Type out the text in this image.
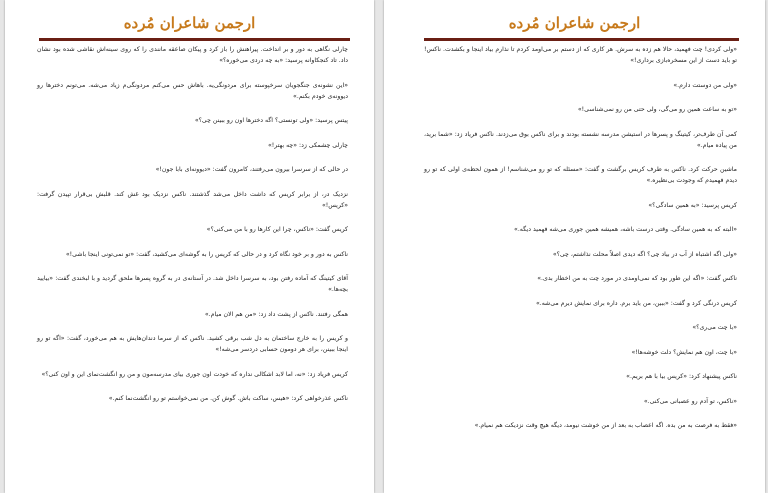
ارجمن شاعران مُرده

چارلی نگاهی به دور و بر انداخت. پیراهنش را باز کرد و پیکان صاعقه مانندی را که روی سینه‌اش نقاشی شده بود نشان داد. تاد کنجکاوانه پرسید: «به چه دردی می‌خوره؟»

«این نشونه‌ی جنگجویان سرخپوسته برای مردونگی‌یه. باهاش حس می‌کنم مردونگی‌م زیاد می‌شه. می‌تونم دخترها رو دیوونه‌ی خودم بکنم.»

پیتس پرسید: «ولی تونستی؟ اگه دختر‌ها اون رو ببینن چی؟»

چارلی چشمکی زد: «چه بهتر!»

در حالی که از سرسرا بیرون می‌رفتند، کامرون گفت: «دیوونه‌ای بابا جون!»

نزدیک در، از برابر کریس که داشت داخل می‌شد گذشتند. ناکس نزدیک بود غش کند. قلبش بی‌قرار تپیدن گرفت: «کریس!»

کریس گفت: «ناکس، چرا این کارها رو با من می‌کنی؟»

ناکس به دور و بر خود نگاه کرد و در حالی که کریس را به گوشه‌ای می‌کشید، گفت: «تو نمی‌تونی اینجا باشی!»

آقای کیتینگ که آماده رفتن بود، به سرسرا داخل شد. در آستانه‌ی در به گروه پسرها ملحق گردید و با لبخندی گفت: «بیایید بچه‌ها.»

همگی رفتند. ناکس از پشت داد زد: «من هم الان میام.»

و کریس را به خارج ساختمان به دل شب برقی کشید. ناکس که از سرما دندان‌هایش به هم می‌خورد، گفت: «اگه تو رو اینجا ببینن، برای هر دومون حسابی دردسر می‌شه!»

کریس فریاد زد: «نه، اما لابد اشکالی نداره که خودت اون جوری بیای مدرسه‌مون و من رو انگشت‌نمای این و اون کنی؟»

ناکس عذرخواهی کرد: «هیس، ساکت باش. گوش کن. من نمی‌خواستم تو رو انگشت‌نما کنم.»

ارجمن شاعران مُرده

«ولی کردی! چت فهمید، حالا هم زده به سرش. هر کاری که از دستم بر می‌اومد کردم تا نذارم بیاد اینجا و بکشدت. ناکس! تو باید دست از این مسخره‌بازی برداری!»

«ولی من دوستت دارم.»

«تو به ساعت همین رو می‌گی، ولی حتی من رو نمی‌شناسی!»

کمی آن طرف‌تر، کیتینگ و پسرها در استیشن مدرسه نشسته بودند و برای ناکس بوق می‌زدند. ناکس فریاد زد: «شما برید، من پیاده میام.»

ماشین حرکت کرد. ناکس به طرف کریس برگشت و گفت: «مسئله که تو رو می‌شناسم! از همون لحظه‌ی اولی که تو رو دیدم فهمیدم که وجودت بی‌نظیره.»

کریس پرسید: «به همین سادگی؟»

«البته که به همین سادگی. وقتی درست باشه، همیشه همین جوری می‌شه فهمید دیگه.»

«ولی اگه اشتباه از آب در بیاد چی؟ اگه دیدی اصلاً محلت نذاشتم، چی؟»

ناکس گفت: «اگه این طور بود که نمی‌اومدی در مورد چت به من اخطار بدی.»

کریس درنگی کرد و گفت: «ببین، من باید برم. داره برای نمایش دیرم می‌شه.»

«با چت می‌ری؟»

«با چت، اون هم نمایش؟ دلت خوشه‌ها!»

ناکس پیشنهاد کرد: «کریس بیا با هم بریم.»

«ناکس، تو آدم رو عصبانی می‌کنی.»

«فقط به فرصت به من بده. اگه اعصاب به بعد از من خوشت نیومد، دیگه هیچ وقت نزدیکت هم نمیام.»
